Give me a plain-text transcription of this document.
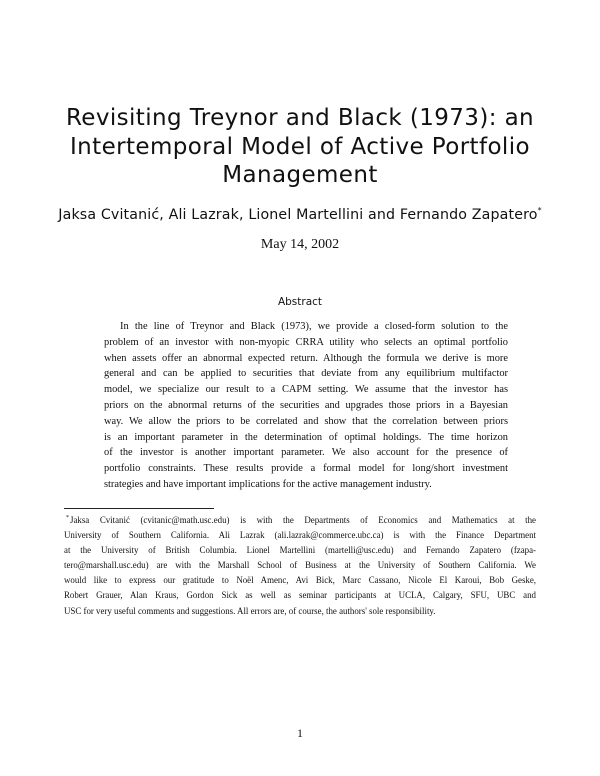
Revisiting Treynor and Black (1973): an
Intertemporal Model of Active Portfolio
Management
Jaksa Cvitanić, Ali Lazrak, Lionel Martellini and Fernando Zapatero*
May 14, 2002
Abstract
In the line of Treynor and Black (1973), we provide a closed-form solution to the
problem of an investor with non-myopic CRRA utility who selects an optimal portfolio
when assets offer an abnormal expected return. Although the formula we derive is more
general and can be applied to securities that deviate from any equilibrium multifactor
model, we specialize our result to a CAPM setting. We assume that the investor has
priors on the abnormal returns of the securities and upgrades those priors in a Bayesian
way. We allow the priors to be correlated and show that the correlation between priors
is an important parameter in the determination of optimal holdings. The time horizon
of the investor is another important parameter. We also account for the presence of
portfolio constraints. These results provide a formal model for long/short investment
strategies and have important implications for the active management industry.
*Jaksa Cvitanić (cvitanic@math.usc.edu) is with the Departments of Economics and Mathematics at the
University of Southern California. Ali Lazrak (ali.lazrak@commerce.ubc.ca) is with the Finance Department
at the University of British Columbia. Lionel Martellini (martelli@usc.edu) and Fernando Zapatero (fzapa-
tero@marshall.usc.edu) are with the Marshall School of Business at the University of Southern California. We
would like to express our gratitude to Noël Amenc, Avi Bick, Marc Cassano, Nicole El Karoui, Bob Geske,
Robert Grauer, Alan Kraus, Gordon Sick as well as seminar participants at UCLA, Calgary, SFU, UBC and
USC for very useful comments and suggestions. All errors are, of course, the authors' sole responsibility.
1
